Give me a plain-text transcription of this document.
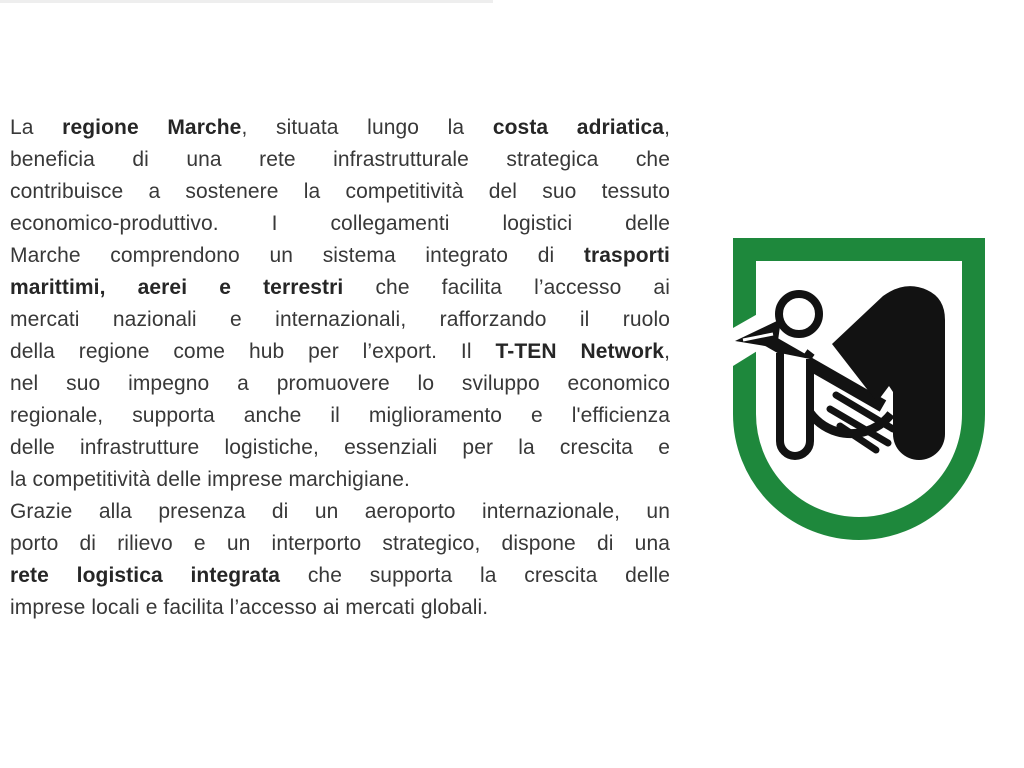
La regione Marche, situata lungo la costa adriatica,
beneficia di una rete infrastrutturale strategica che
contribuisce a sostenere la competitività del suo tessuto
economico-produttivo. I collegamenti logistici delle
Marche comprendono un sistema integrato di trasporti
marittimi, aerei e terrestri che facilita l’accesso ai
mercati nazionali e internazionali, rafforzando il ruolo
della regione come hub per l’export. Il T-TEN Network,
nel suo impegno a promuovere lo sviluppo economico
regionale, supporta anche il miglioramento e l'efficienza
delle infrastrutture logistiche, essenziali per la crescita e
la competitività delle imprese marchigiane.
Grazie alla presenza di un aeroporto internazionale, un
porto di rilievo e un interporto strategico, dispone di una
rete logistica integrata che supporta la crescita delle
imprese locali e facilita l’accesso ai mercati globali.
